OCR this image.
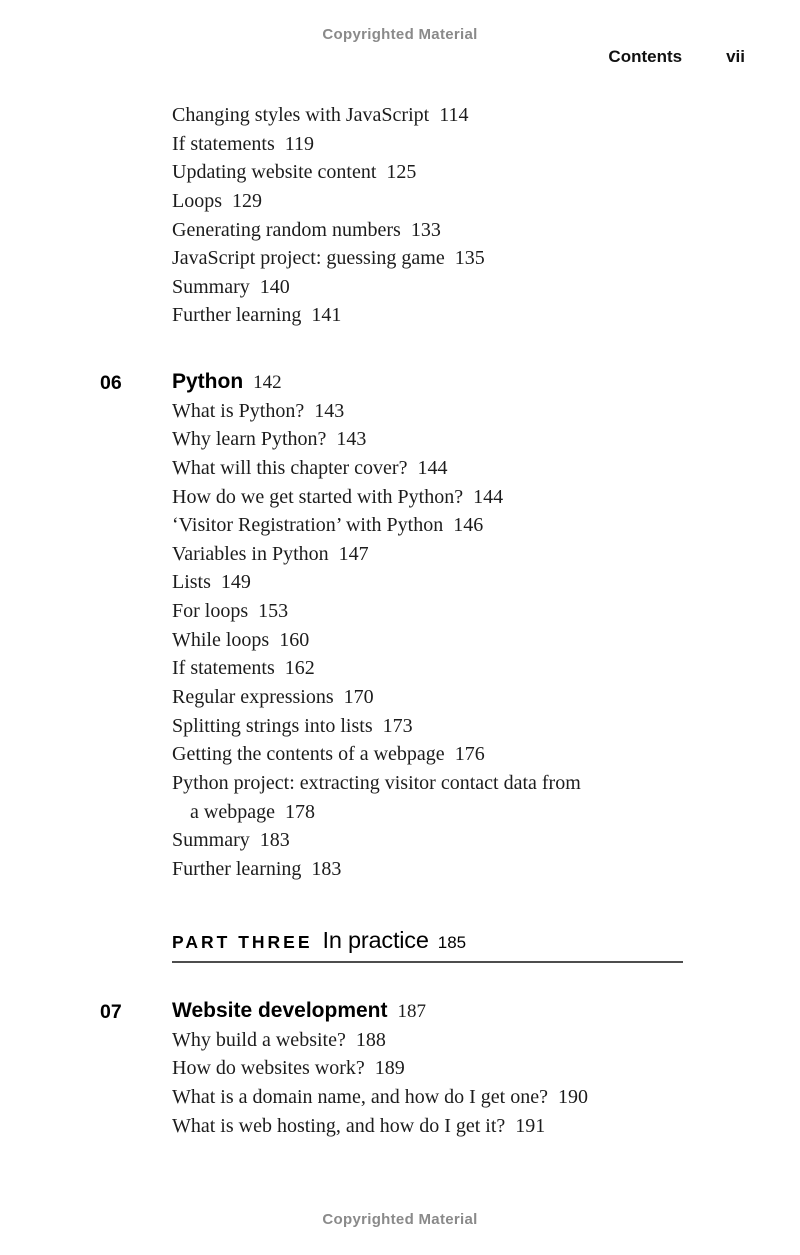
Copyrighted Material
Contents	vii
Changing styles with JavaScript 114
If statements 119
Updating website content 125
Loops 129
Generating random numbers 133
JavaScript project: guessing game 135
Summary 140
Further learning 141
06 Python 142
What is Python? 143
Why learn Python? 143
What will this chapter cover? 144
How do we get started with Python? 144
‘Visitor Registration’ with Python 146
Variables in Python 147
Lists 149
For loops 153
While loops 160
If statements 162
Regular expressions 170
Splitting strings into lists 173
Getting the contents of a webpage 176
Python project: extracting visitor contact data from
a webpage 178
Summary 183
Further learning 183
PART THREE In practice 185
07 Website development 187
Why build a website? 188
How do websites work? 189
What is a domain name, and how do I get one? 190
What is web hosting, and how do I get it? 191
Copyrighted Material
